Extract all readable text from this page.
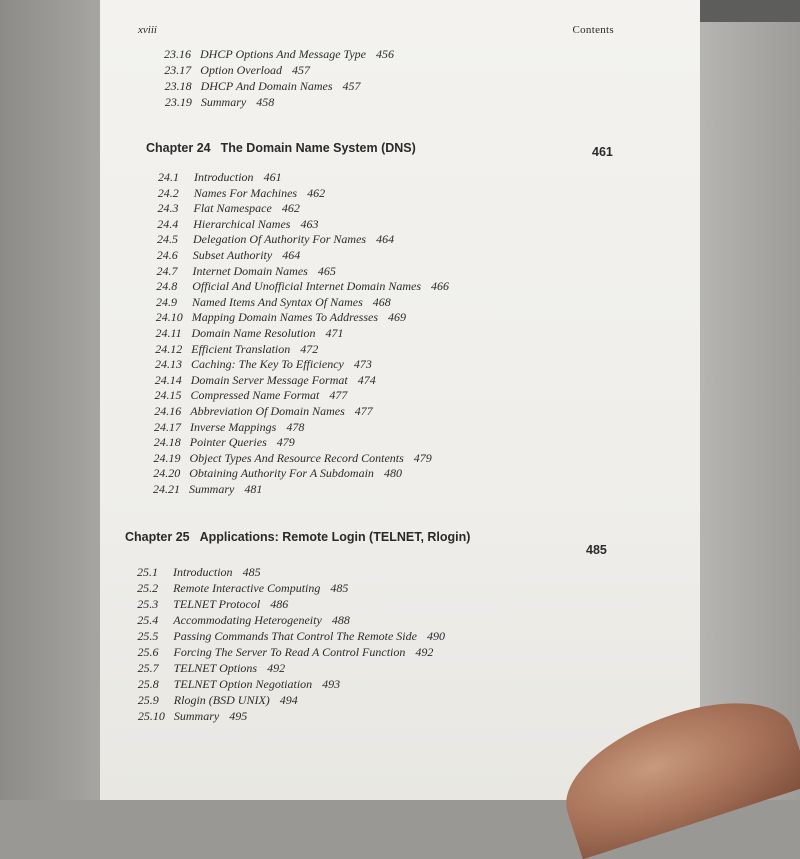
xviii	Contents
23.16 DHCP Options And Message Type 456
23.17 Option Overload 457
23.18 DHCP And Domain Names 457
23.19 Summary 458
Chapter 24 The Domain Name System (DNS)	461
24.1 Introduction 461
24.2 Names For Machines 462
24.3 Flat Namespace 462
24.4 Hierarchical Names 463
24.5 Delegation Of Authority For Names 464
24.6 Subset Authority 464
24.7 Internet Domain Names 465
24.8 Official And Unofficial Internet Domain Names 466
24.9 Named Items And Syntax Of Names 468
24.10 Mapping Domain Names To Addresses 469
24.11 Domain Name Resolution 471
24.12 Efficient Translation 472
24.13 Caching: The Key To Efficiency 473
24.14 Domain Server Message Format 474
24.15 Compressed Name Format 477
24.16 Abbreviation Of Domain Names 477
24.17 Inverse Mappings 478
24.18 Pointer Queries 479
24.19 Object Types And Resource Record Contents 479
24.20 Obtaining Authority For A Subdomain 480
24.21 Summary 481
Chapter 25 Applications: Remote Login (TELNET, Rlogin)
485
25.1 Introduction 485
25.2 Remote Interactive Computing 485
25.3 TELNET Protocol 486
25.4 Accommodating Heterogeneity 488
25.5 Passing Commands That Control The Remote Side 490
25.6 Forcing The Server To Read A Control Function 492
25.7 TELNET Options 492
25.8 TELNET Option Negotiation 493
25.9 Rlogin (BSD UNIX) 494
25.10 Summary 495
